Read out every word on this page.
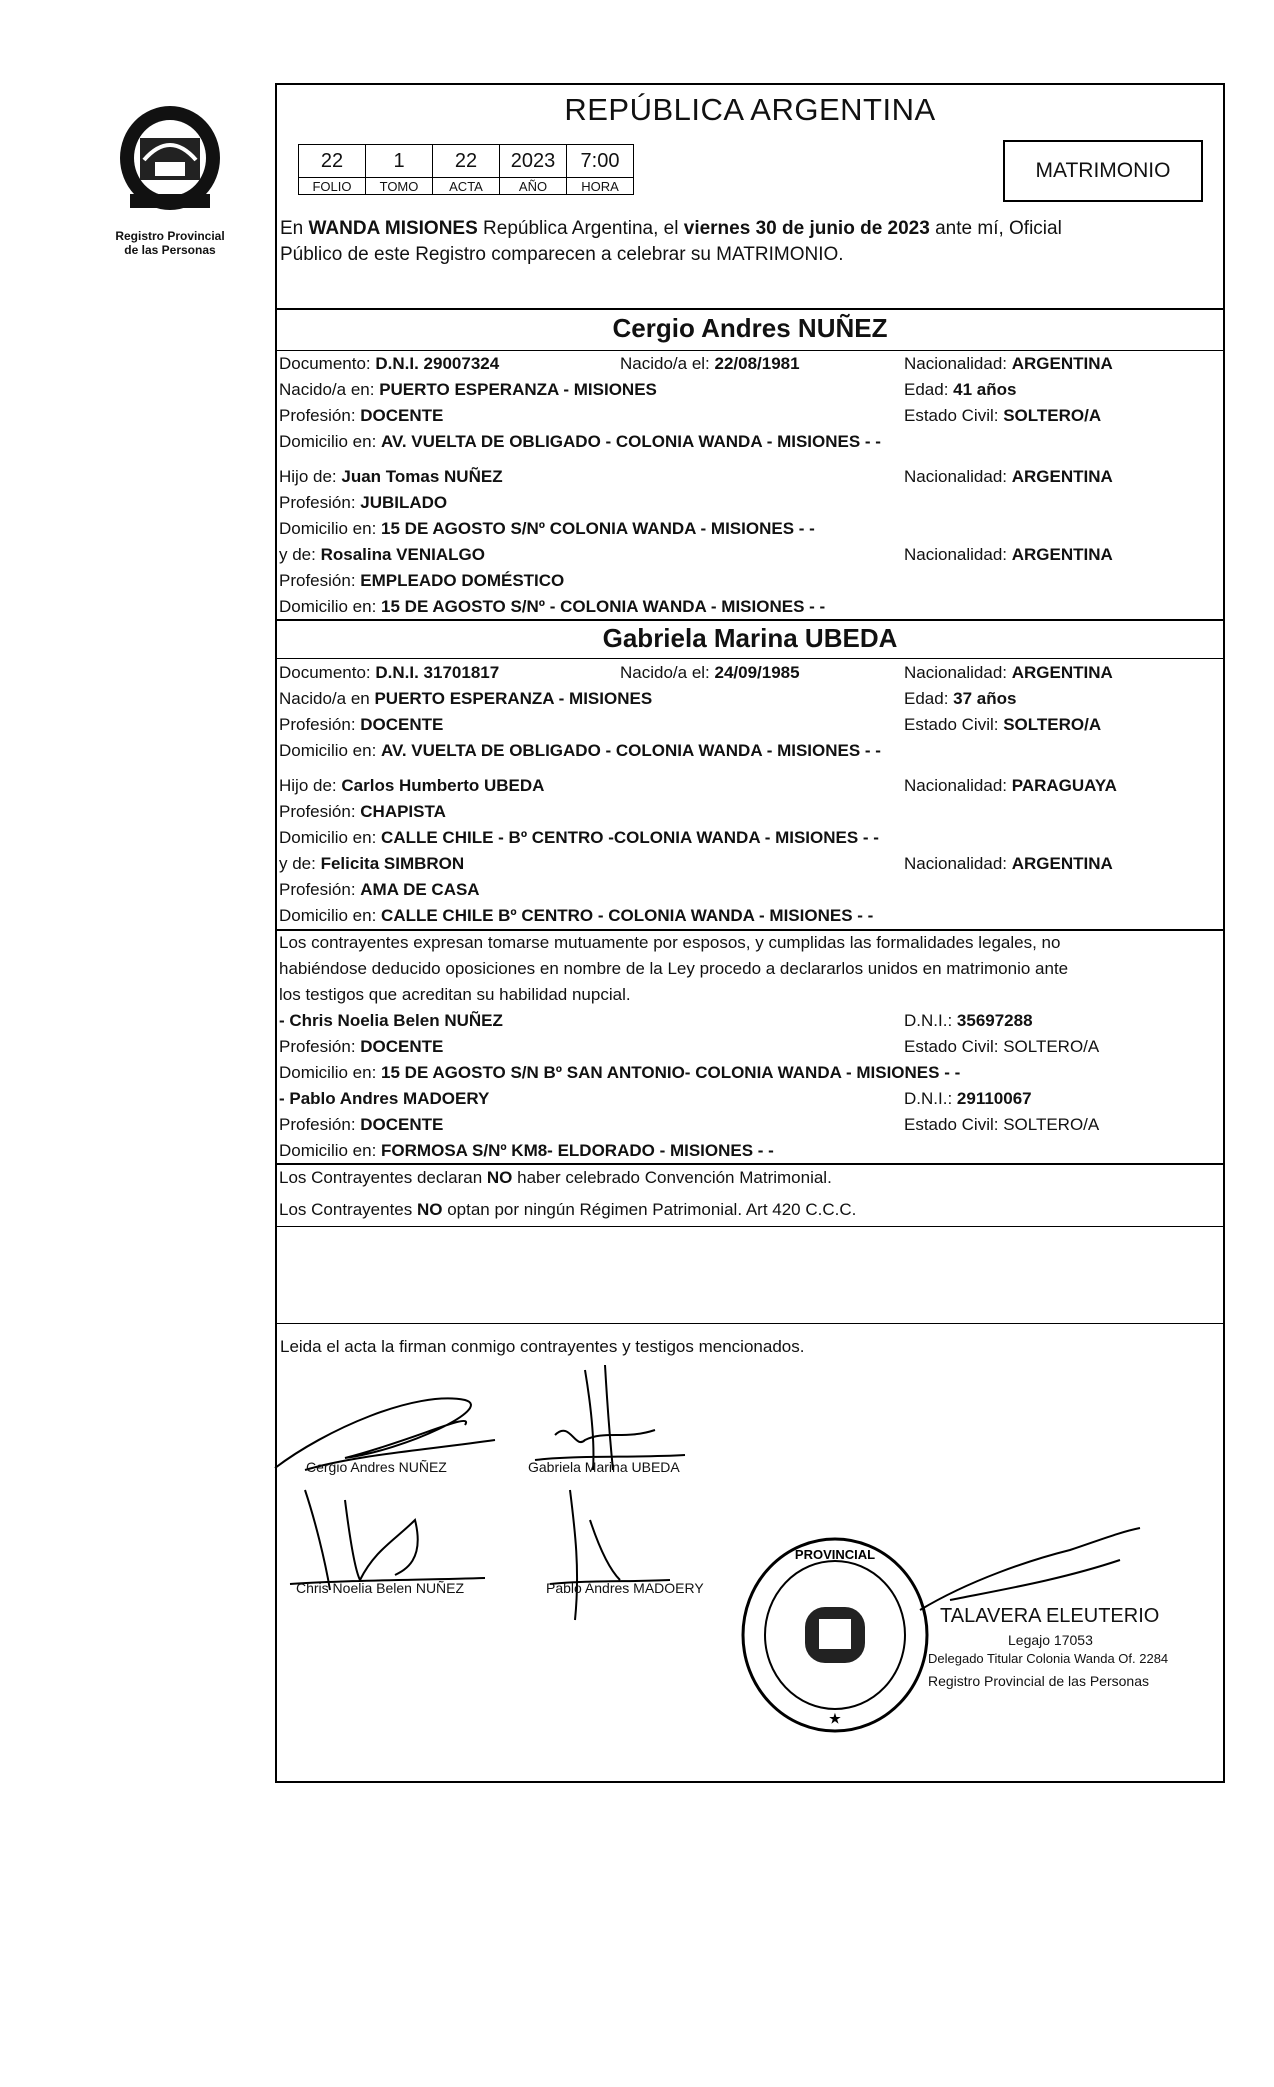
Registro Provincial
de las Personas
REPÚBLICA ARGENTINA
22	1	22	2023	7:00
FOLIO	TOMO	ACTA	AÑO	HORA
MATRIMONIO
En WANDA MISIONES República Argentina, el viernes 30 de junio de 2023 ante mí, Oficial
Público de este Registro comparecen a celebrar su MATRIMONIO.
Cergio Andres NUÑEZ
Documento: D.N.I. 29007324	Nacido/a el: 22/08/1981	Nacionalidad: ARGENTINA
Nacido/a en: PUERTO ESPERANZA - MISIONES	Edad: 41 años
Profesión: DOCENTE	Estado Civil: SOLTERO/A
Domicilio en: AV. VUELTA DE OBLIGADO - COLONIA WANDA - MISIONES - -
Hijo de: Juan Tomas NUÑEZ	Nacionalidad: ARGENTINA
Profesión: JUBILADO
Domicilio en: 15 DE AGOSTO S/Nº COLONIA WANDA - MISIONES - -
y de: Rosalina VENIALGO	Nacionalidad: ARGENTINA
Profesión: EMPLEADO DOMÉSTICO
Domicilio en: 15 DE AGOSTO S/Nº - COLONIA WANDA - MISIONES - -
Gabriela Marina UBEDA
Documento: D.N.I. 31701817	Nacido/a el: 24/09/1985	Nacionalidad: ARGENTINA
Nacido/a en PUERTO ESPERANZA - MISIONES	Edad: 37 años
Profesión: DOCENTE	Estado Civil: SOLTERO/A
Domicilio en: AV. VUELTA DE OBLIGADO - COLONIA WANDA - MISIONES - -
Hijo de: Carlos Humberto UBEDA	Nacionalidad: PARAGUAYA
Profesión: CHAPISTA
Domicilio en: CALLE CHILE - Bº CENTRO -COLONIA WANDA - MISIONES - -
y de: Felicita SIMBRON	Nacionalidad: ARGENTINA
Profesión: AMA DE CASA
Domicilio en: CALLE CHILE Bº CENTRO - COLONIA WANDA - MISIONES - -
Los contrayentes expresan tomarse mutuamente por esposos, y cumplidas las formalidades legales, no
habiéndose deducido oposiciones en nombre de la Ley procedo a declararlos unidos en matrimonio ante
los testigos que acreditan su habilidad nupcial.
- Chris Noelia Belen NUÑEZ	D.N.I.: 35697288
Profesión: DOCENTE	Estado Civil: SOLTERO/A
Domicilio en: 15 DE AGOSTO S/N Bº SAN ANTONIO- COLONIA WANDA - MISIONES - -
- Pablo Andres MADOERY	D.N.I.: 29110067
Profesión: DOCENTE	Estado Civil: SOLTERO/A
Domicilio en: FORMOSA S/Nº KM8- ELDORADO - MISIONES - -
Los Contrayentes declaran NO haber celebrado Convención Matrimonial.
Los Contrayentes NO optan por ningún Régimen Patrimonial. Art 420 C.C.C.
Leida el acta la firman conmigo contrayentes y testigos mencionados.
Cergio Andres NUÑEZ	Gabriela Marina UBEDA
Chris Noelia Belen NUÑEZ	Pablo Andres MADOERY
PROVINCIAL
★
TALAVERA ELEUTERIO
Legajo 17053
Delegado Titular Colonia Wanda Of. 2284
Registro Provincial de las Personas
